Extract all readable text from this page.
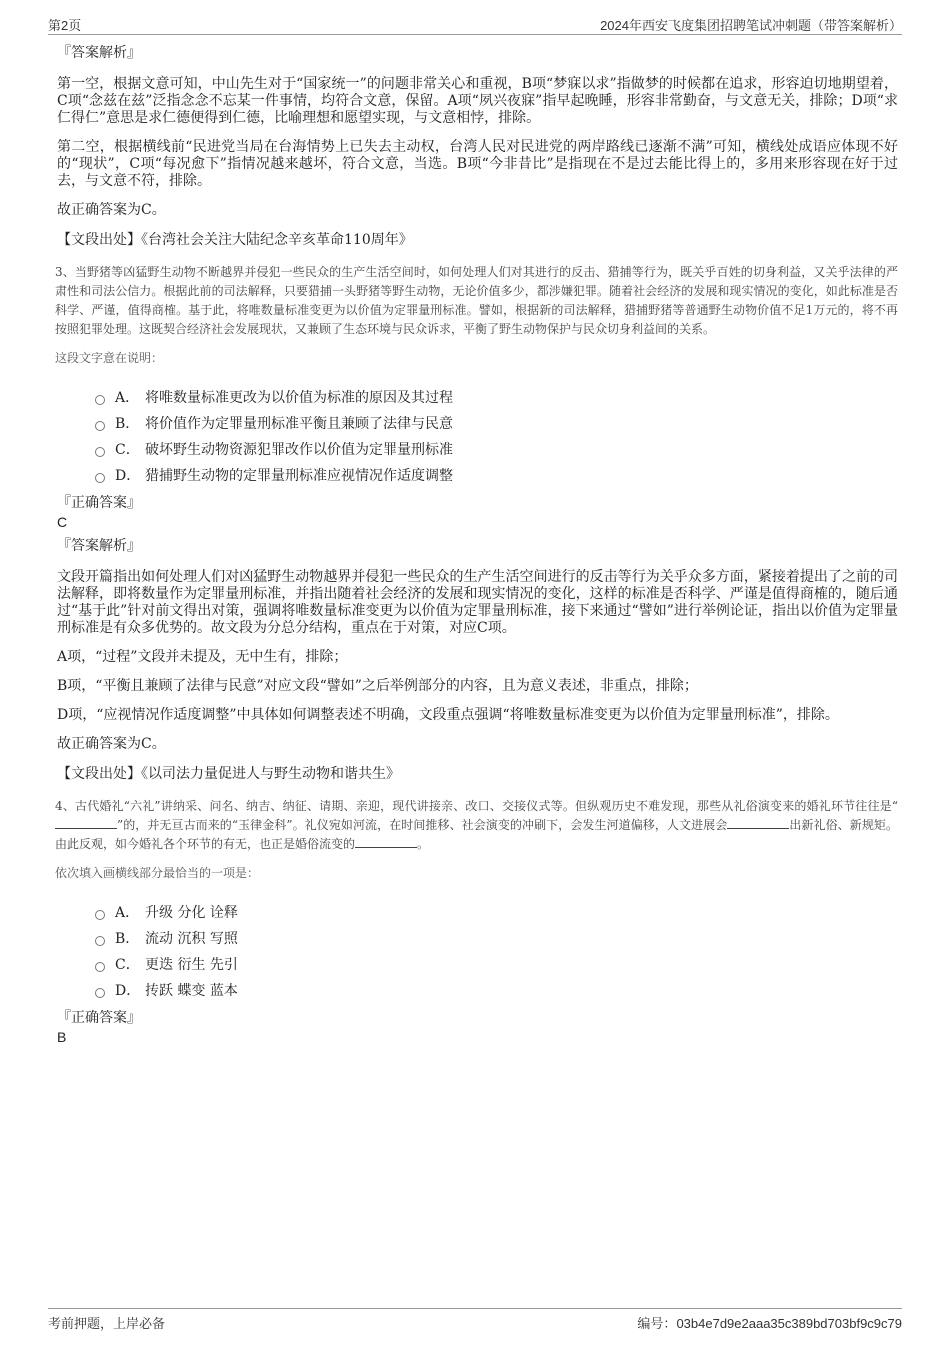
第2页	2024年西安飞度集团招聘笔试冲刺题（带答案解析）
『答案解析』

第一空，根据文意可知，中山先生对于“国家统一”的问题非常关心和重视，B项“梦寐以求”指做梦的时候都在追求，形容迫切地期望着，C项“念兹在兹”泛指念念不忘某一件事情，均符合文意，保留。A项“夙兴夜寐”指早起晚睡，形容非常勤奋，与文意无关，排除；D项“求仁得仁”意思是求仁德便得到仁德，比喻理想和愿望实现，与文意相悖，排除。

第二空，根据横线前“民进党当局在台海情势上已失去主动权，台湾人民对民进党的两岸路线已逐渐不满”可知，横线处成语应体现不好的“现状”，C项“每况愈下”指情况越来越坏，符合文意，当选。B项“今非昔比”是指现在不是过去能比得上的，多用来形容现在好于过去，与文意不符，排除。

故正确答案为C。

【文段出处】《台湾社会关注大陆纪念辛亥革命110周年》
3、当野猪等凶猛野生动物不断越界并侵犯一些民众的生产生活空间时，如何处理人们对其进行的反击、猎捕等行为，既关乎百姓的切身利益，又关乎法律的严肃性和司法公信力。根据此前的司法解释，只要猎捕一头野猪等野生动物，无论价值多少，都涉嫌犯罪。随着社会经济的发展和现实情况的变化，如此标准是否科学、严谨，值得商榷。基于此，将唯数量标准变更为以价值为定罪量刑标准。譬如，根据新的司法解释，猎捕野猪等普通野生动物价值不足1万元的，将不再按照犯罪处理。这既契合经济社会发展现状，又兼顾了生态环境与民众诉求，平衡了野生动物保护与民众切身利益间的关系。
这段文字意在说明：
A． 将唯数量标准更改为以价值为标准的原因及其过程
B． 将价值作为定罪量刑标准平衡且兼顾了法律与民意
C． 破坏野生动物资源犯罪改作以价值为定罪量刑标准
D． 猎捕野生动物的定罪量刑标准应视情况作适度调整
『正确答案』
C
『答案解析』

文段开篇指出如何处理人们对凶猛野生动物越界并侵犯一些民众的生产生活空间进行的反击等行为关乎众多方面，紧接着提出了之前的司法解释，即将数量作为定罪量刑标准，并指出随着社会经济的发展和现实情况的变化，这样的标准是否科学、严谨是值得商榷的，随后通过“基于此”针对前文得出对策，强调将唯数量标准变更为以价值为定罪量刑标准，接下来通过“譬如”进行举例论证，指出以价值为定罪量刑标准是有众多优势的。故文段为分总分结构，重点在于对策，对应C项。

A项，“过程”文段并未提及，无中生有，排除；

B项，“平衡且兼顾了法律与民意”对应文段“譬如”之后举例部分的内容，且为意义表述，非重点，排除；

D项，“应视情况作适度调整”中具体如何调整表述不明确，文段重点强调“将唯数量标准变更为以价值为定罪量刑标准”，排除。

故正确答案为C。

【文段出处】《以司法力量促进人与野生动物和谐共生》
4、古代婚礼“六礼”讲纳采、问名、纳吉、纳征、请期、亲迎，现代讲接亲、改口、交接仪式等。但纵观历史不难发现，那些从礼俗演变来的婚礼环节往往是“”的，并无亘古而来的“玉律金科”。礼仪宛如河流，在时间推移、社会演变的冲刷下，会发生河道偏移，人文进展会	出新礼俗、新规矩。由此反观，如今婚礼各个环节的有无，也正是婚俗流变的	。
依次填入画横线部分最恰当的一项是：
A． 升级 分化 诠释
B． 流动 沉积 写照
C． 更迭 衍生 先引
D． 抟跃 蝶变 蓝本
『正确答案』
B
考前押题，上岸必备	编号：03b4e7d9e2aaa35c389bd703bf9c9c79
